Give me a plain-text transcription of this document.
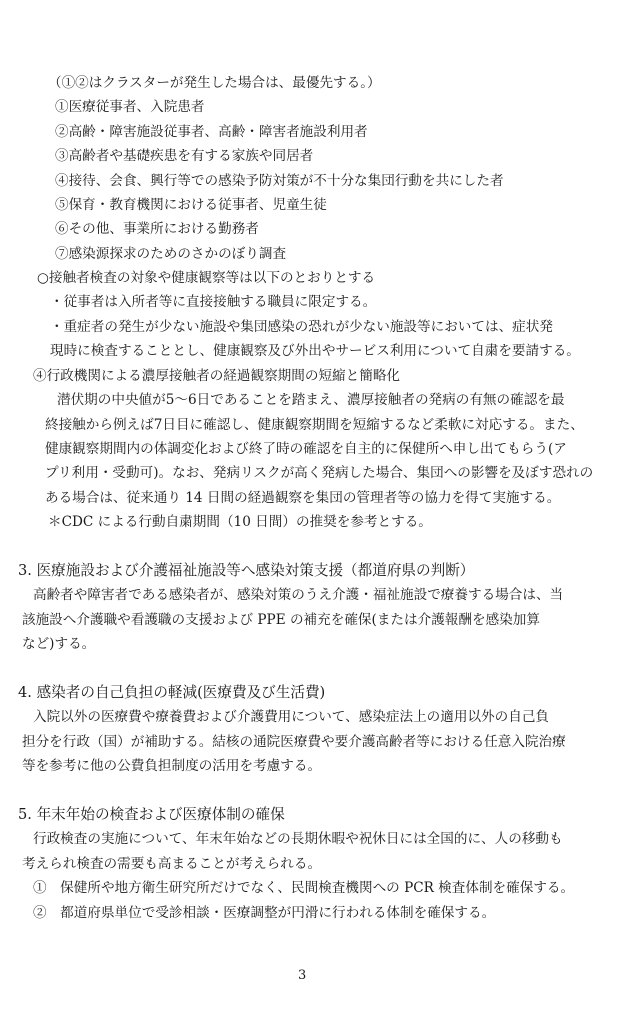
（①②はクラスターが発生した場合は、最優先する。）
①医療従事者、入院患者
②高齢・障害施設従事者、高齢・障害者施設利用者
③高齢者や基礎疾患を有する家族や同居者
④接待、会食、興行等での感染予防対策が不十分な集団行動を共にした者
⑤保育・教育機関における従事者、児童生徒
⑥その他、事業所における勤務者
⑦感染源探求のためのさかのぼり調査
○接触者検査の対象や健康観察等は以下のとおりとする
・従事者は入所者等に直接接触する職員に限定する。
・重症者の発生が少ない施設や集団感染の恐れが少ない施設等においては、症状発
現時に検査することとし、健康観察及び外出やサービス利用について自粛を要請する。
④行政機関による濃厚接触者の経過観察期間の短縮と簡略化
潜伏期の中央値が5～6日であることを踏まえ、濃厚接触者の発病の有無の確認を最
終接触から例えば7日目に確認し、健康観察期間を短縮するなど柔軟に対応する。また、
健康観察期間内の体調変化および終了時の確認を自主的に保健所へ申し出てもらう(ア
プリ利用・受動可)。なお、発病リスクが高く発病した場合、集団への影響を及ぼす恐れの
ある場合は、従来通り 14 日間の経過観察を集団の管理者等の協力を得て実施する。
＊CDC による行動自粛期間（10 日間）の推奨を参考とする。
3. 医療施設および介護福祉施設等へ感染対策支援（都道府県の判断）
高齢者や障害者である感染者が、感染対策のうえ介護・福祉施設で療養する場合は、当
該施設へ介護職や看護職の支援および PPE の補充を確保(または介護報酬を感染加算
など)する。
4. 感染者の自己負担の軽減(医療費及び生活費)
入院以外の医療費や療養費および介護費用について、感染症法上の適用以外の自己負
担分を行政（国）が補助する。結核の通院医療費や要介護高齢者等における任意入院治療
等を参考に他の公費負担制度の活用を考慮する。
5. 年末年始の検査および医療体制の確保
行政検査の実施について、年末年始などの長期休暇や祝休日には全国的に、人の移動も
考えられ検査の需要も高まることが考えられる。
①　保健所や地方衛生研究所だけでなく、民間検査機関への PCR 検査体制を確保する。
②　都道府県単位で受診相談・医療調整が円滑に行われる体制を確保する。
3
